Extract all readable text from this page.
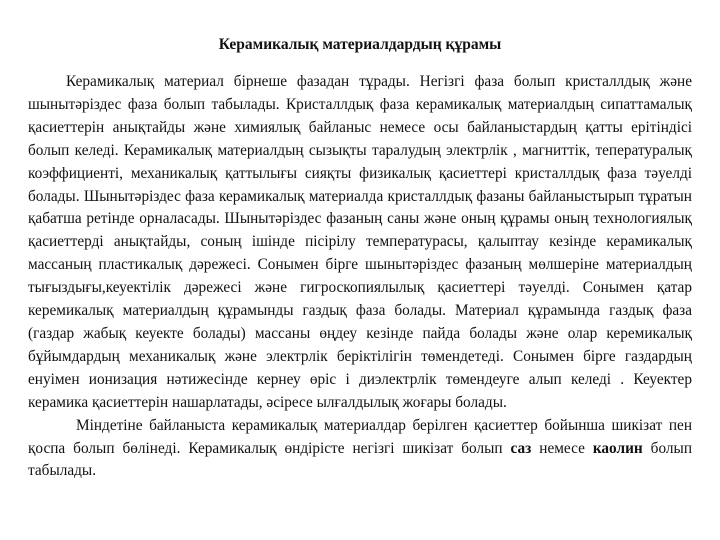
Керамикалық материалдардың құрамы

Керамикалық материал бірнеше фазадан тұрады. Негізгі фаза болып кристаллдық және шынытәріздес фаза болып табылады. Кристаллдық фаза керамикалық материалдың сипаттамалық қасиеттерін анықтайды және химиялық байланыс немесе осы байланыстардың қатты ерітіндісі болып келеді. Керамикалық материалдың сызықты таралудың электрлік , магниттік, тепературалық коэффициенті, механикалық қаттылығы сияқты физикалық қасиеттері кристаллдық фаза тәуелді болады. Шынытәріздес фаза керамикалық материалда кристаллдық фазаны байланыстырып тұратын қабатша ретінде орналасады. Шынытәріздес фазаның саны және оның құрамы оның технологиялық қасиеттерді анықтайды, соның ішінде пісірілу температурасы, қалыптау кезінде керамикалық массаның пластикалық дәрежесі. Сонымен бірге шынытәріздес фазаның мөлшеріне материалдың тығыздығы,кеуектілік дәрежесі және гигроскопиялылық қасиеттері тәуелді. Сонымен қатар керемикалық материалдың құрамынды газдық фаза болады. Материал құрамында газдық фаза (газдар жабық кеуекте болады) массаны өңдеу кезінде пайда болады және олар керемикалық бұйымдардың механикалық және электрлік беріктілігін төмендетеді. Сонымен бірге газдардың енуімен ионизация нәтижесінде кернеу өріс і диэлектрлік төмендеуге алып келеді . Кеуектер керамика қасиеттерін нашарлатады, әсіресе ылғалдылық жоғары болады.

Міндетіне байланыста керамикалық материалдар берілген қасиеттер бойынша шикізат пен қоспа болып бөлінеді. Керамикалық өндірісте негізгі шикізат болып саз немесе каолин болып табылады.
